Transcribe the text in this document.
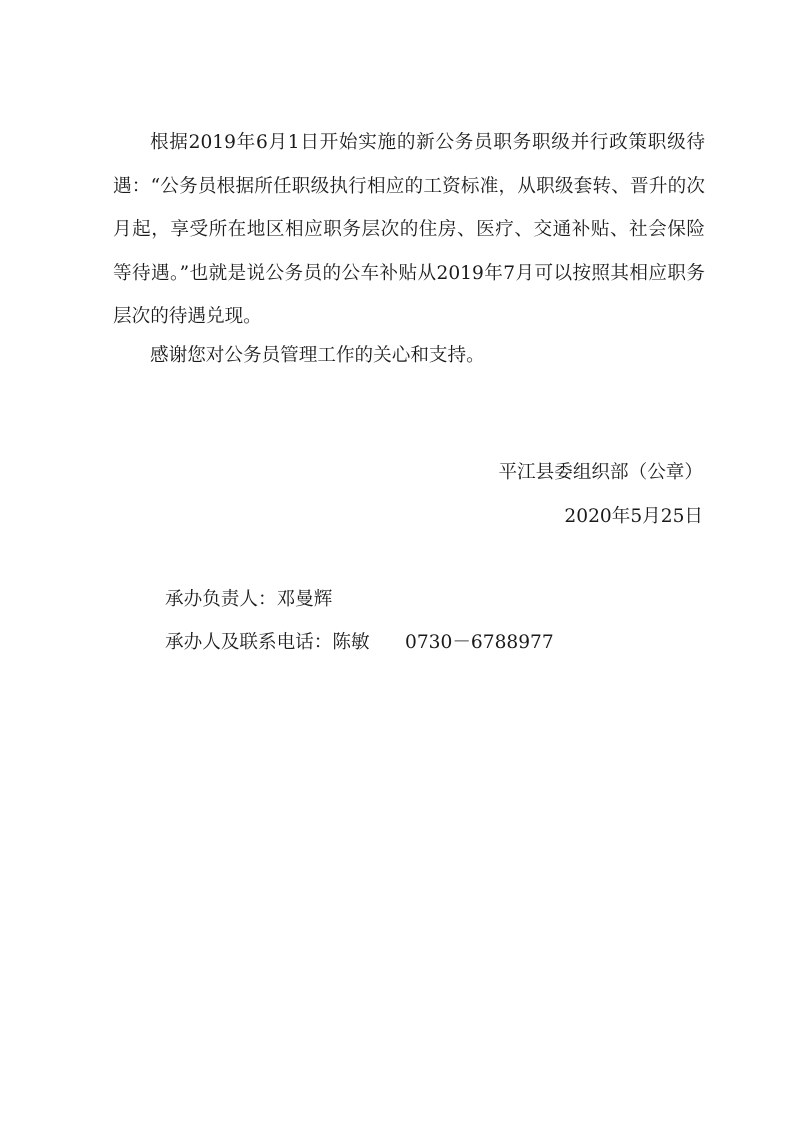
根据2019年6月1日开始实施的新公务员职务职级并行政策职级待遇：“公务员根据所任职级执行相应的工资标准，从职级套转、晋升的次月起，享受所在地区相应职务层次的住房、医疗、交通补贴、社会保险等待遇。”也就是说公务员的公车补贴从2019年7月可以按照其相应职务层次的待遇兑现。

感谢您对公务员管理工作的关心和支持。

平江县委组织部（公章）
2020年5月25日
承办负责人：邓曼辉
承办人及联系电话：陈敏      0730－6788977
